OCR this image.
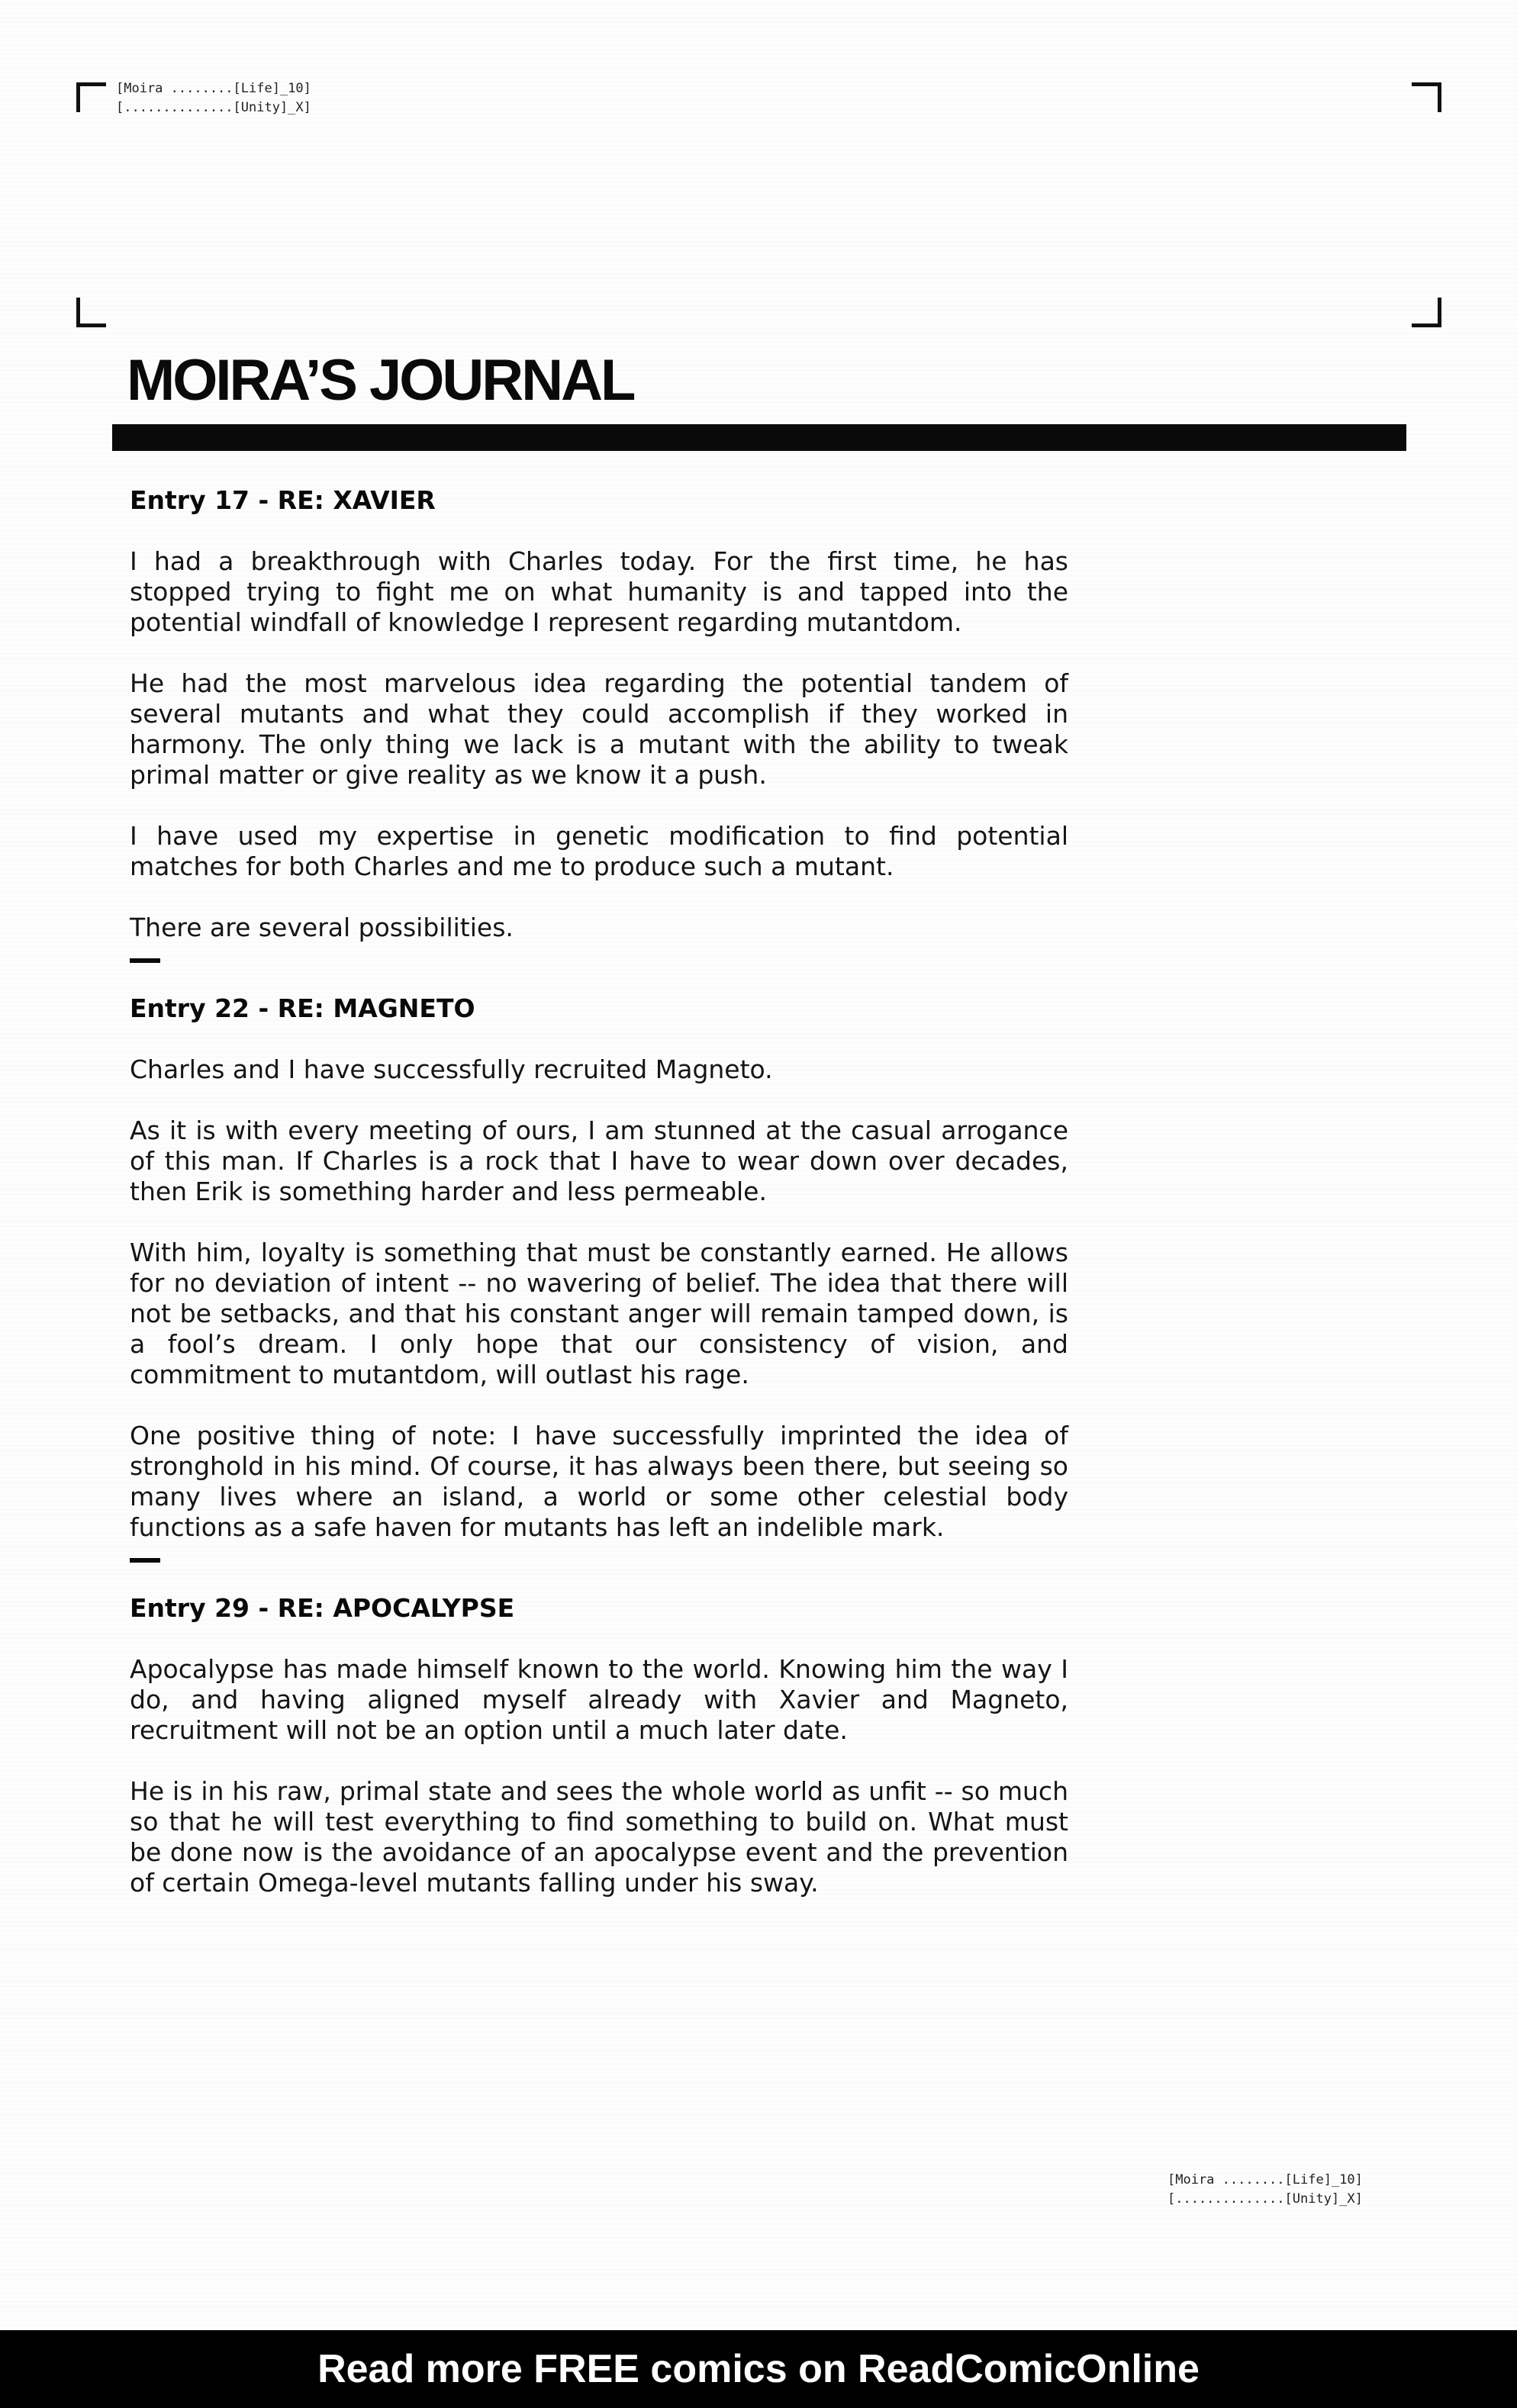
[Moira ........[Life]_10]
[..............[Unity]_X]
MOIRA’S JOURNAL
Entry 17 - RE: XAVIER

I had a breakthrough with Charles today. For the first time, he has stopped trying to fight me on what humanity is and tapped into the potential windfall of knowledge I represent regarding mutantdom.

He had the most marvelous idea regarding the potential tandem of several mutants and what they could accomplish if they worked in harmony. The only thing we lack is a mutant with the ability to tweak primal matter or give reality as we know it a push.

I have used my expertise in genetic modification to find potential matches for both Charles and me to produce such a mutant.

There are several possibilities.

Entry 22 - RE: MAGNETO

Charles and I have successfully recruited Magneto.

As it is with every meeting of ours, I am stunned at the casual arrogance of this man. If Charles is a rock that I have to wear down over decades, then Erik is something harder and less permeable.

With him, loyalty is something that must be constantly earned. He allows for no deviation of intent -- no wavering of belief. The idea that there will not be setbacks, and that his constant anger will remain tamped down, is a fool’s dream. I only hope that our consistency of vision, and commitment to mutantdom, will outlast his rage.

One positive thing of note: I have successfully imprinted the idea of stronghold in his mind. Of course, it has always been there, but seeing so many lives where an island, a world or some other celestial body functions as a safe haven for mutants has left an indelible mark.

Entry 29 - RE: APOCALYPSE

Apocalypse has made himself known to the world. Knowing him the way I do, and having aligned myself already with Xavier and Magneto, recruitment will not be an option until a much later date.

He is in his raw, primal state and sees the whole world as unfit -- so much so that he will test everything to find something to build on. What must be done now is the avoidance of an apocalypse event and the prevention of certain Omega-level mutants falling under his sway.

[Moira ........[Life]_10]
[..............[Unity]_X]
Read more FREE comics on ReadComicOnline
